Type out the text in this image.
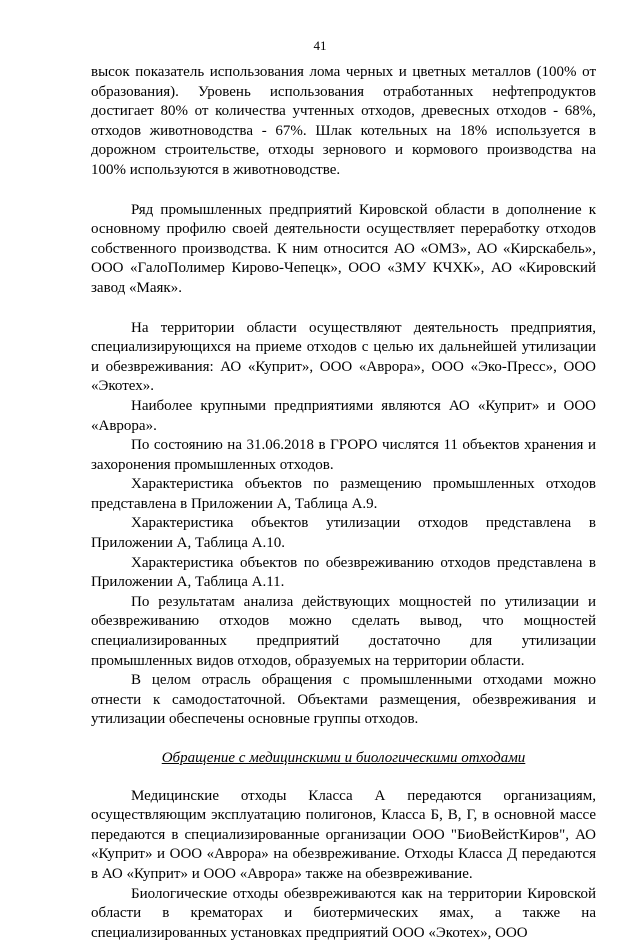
41

высок показатель использования лома черных и цветных металлов (100% от образования). Уровень использования отработанных нефтепродуктов достигает 80% от количества учтенных отходов, древесных отходов - 68%, отходов животноводства - 67%. Шлак котельных на 18% используется в дорожном строительстве, отходы зернового и кормового производства на 100% используются в животноводстве.

Ряд промышленных предприятий Кировской области в дополнение к основному профилю своей деятельности осуществляет переработку отходов собственного производства. К ним относится АО «ОМЗ», АО «Кирскабель», ООО «ГалоПолимер Кирово-Чепецк», ООО «ЗМУ КЧХК», АО «Кировский завод «Маяк».

На территории области осуществляют деятельность предприятия, специализирующихся на приеме отходов с целью их дальнейшей утилизации и обезвреживания: АО «Куприт», ООО «Аврора», ООО «Эко-Пресс», ООО «Экотех».

Наиболее крупными предприятиями являются АО «Куприт» и ООО «Аврора».

По состоянию на 31.06.2018 в ГРОРО числятся 11 объектов хранения и захоронения промышленных отходов.

Характеристика объектов по размещению промышленных отходов представлена в Приложении А, Таблица А.9.

Характеристика объектов утилизации отходов представлена в Приложении А, Таблица А.10.

Характеристика объектов по обезвреживанию отходов представлена в Приложении А, Таблица А.11.

По результатам анализа действующих мощностей по утилизации и обезвреживанию отходов можно сделать вывод, что мощностей специализированных предприятий достаточно для утилизации промышленных видов отходов, образуемых на территории области.

В целом отрасль обращения с промышленными отходами можно отнести к самодостаточной. Объектами размещения, обезвреживания и утилизации обеспечены основные группы отходов.

Обращение с медицинскими и биологическими отходами

Медицинские отходы Класса А передаются организациям, осуществляющим эксплуатацию полигонов, Класса Б, В, Г, в основной массе передаются в специализированные организации ООО "БиоВейстКиров", АО «Куприт» и ООО «Аврора» на обезвреживание. Отходы Класса Д передаются в АО «Куприт» и ООО «Аврора» также на обезвреживание.

Биологические отходы обезвреживаются как на территории Кировской области в крематорах и биотермических ямах, а также на специализированных установках предприятий ООО «Экотех», ООО
